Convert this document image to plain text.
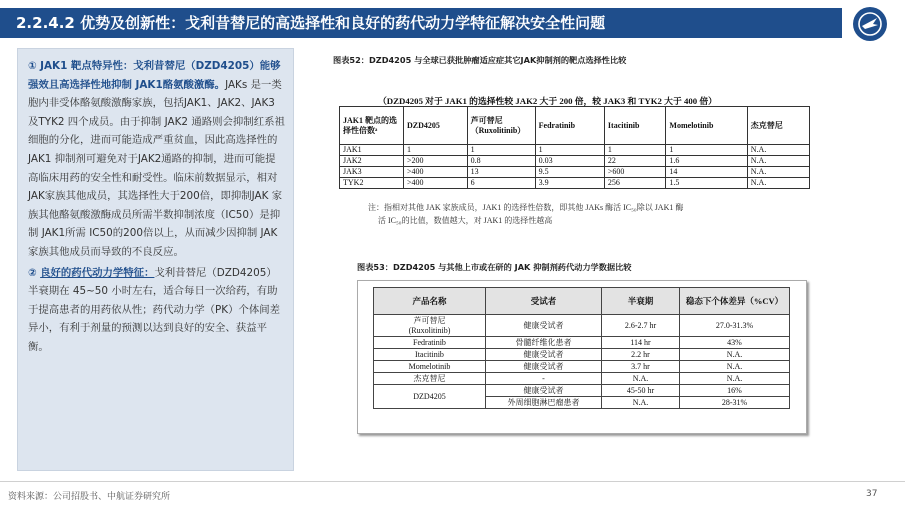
2.2.4.2 优势及创新性：戈利昔替尼的高选择性和良好的药代动力学特征解决安全性问题

① JAK1 靶点特异性：戈利昔替尼（DZD4205）能够强效且高选择性地抑制 JAK1酪氨酸激酶。JAKs 是一类胞内非受体酪氨酸激酶家族，包括JAK1、JAK2、JAK3 及TYK2 四个成员。由于抑制 JAK2 通路则会抑制红系祖细胞的分化，进而可能造成严重贫血，因此高选择性的 JAK1 抑制剂可避免对于JAK2通路的抑制，进而可能提高临床用药的安全性和耐受性。临床前数据显示，相对JAK家族其他成员，其选择性大于200倍，即抑制JAK 家族其他酪氨酸激酶成员所需半数抑制浓度（IC50）是抑制 JAK1所需 IC50的200倍以上，从而减少因抑制 JAK 家族其他成员而导致的不良反应。

② 良好的药代动力学特征：戈利昔替尼（DZD4205）半衰期在 45~50 小时左右，适合每日一次给药，有助于提高患者的用药依从性；药代动力学（PK）个体间差异小，有利于剂量的预测以达到良好的安全、获益平衡。

图表52：DZD4205 与全球已获批肿瘤适应症其它JAK抑制剂的靶点选择性比较
（DZD4205 对于 JAK1 的选择性较 JAK2 大于 200 倍，较 JAK3 和 TYK2 大于 400 倍）
JAK1 靶点的选择性倍数ᵃ	DZD4205	芦可替尼（Ruxolitinib）	Fedratinib	Itacitinib	Momelotinib	杰克替尼
JAK1	1	1	1	1	1	N.A.
JAK2	>200	0.8	0.03	22	1.6	N.A.
JAK3	>400	13	9.5	>600	14	N.A.
TYK2	>400	6	3.9	256	1.5	N.A.
注：指相对其他 JAK 家族成员，JAK1 的选择性倍数，即其他 JAKs 酶活 IC₅₀除以 JAK1 酶
活 IC₅₀的比值，数值越大，对 JAK1 的选择性越高
图表53：DZD4205 与其他上市或在研的 JAK 抑制剂药代动力学数据比较
产品名称	受试者	半衰期	稳态下个体差异（%CV）

芦可替尼
(Ruxolitinib)	健康受试者	2.6-2.7 hr	27.0-31.3%
Fedratinib	骨髓纤维化患者	114 hr	43%
Itacitinib	健康受试者	2.2 hr	N.A.
Momelotinib	健康受试者	3.7 hr	N.A.
杰克替尼	-	N.A.	N.A.
DZD4205	健康受试者	45-50 hr	16%
	外周细胞淋巴瘤患者	N.A.	28-31%
资料来源：公司招股书、中航证券研究所	37
